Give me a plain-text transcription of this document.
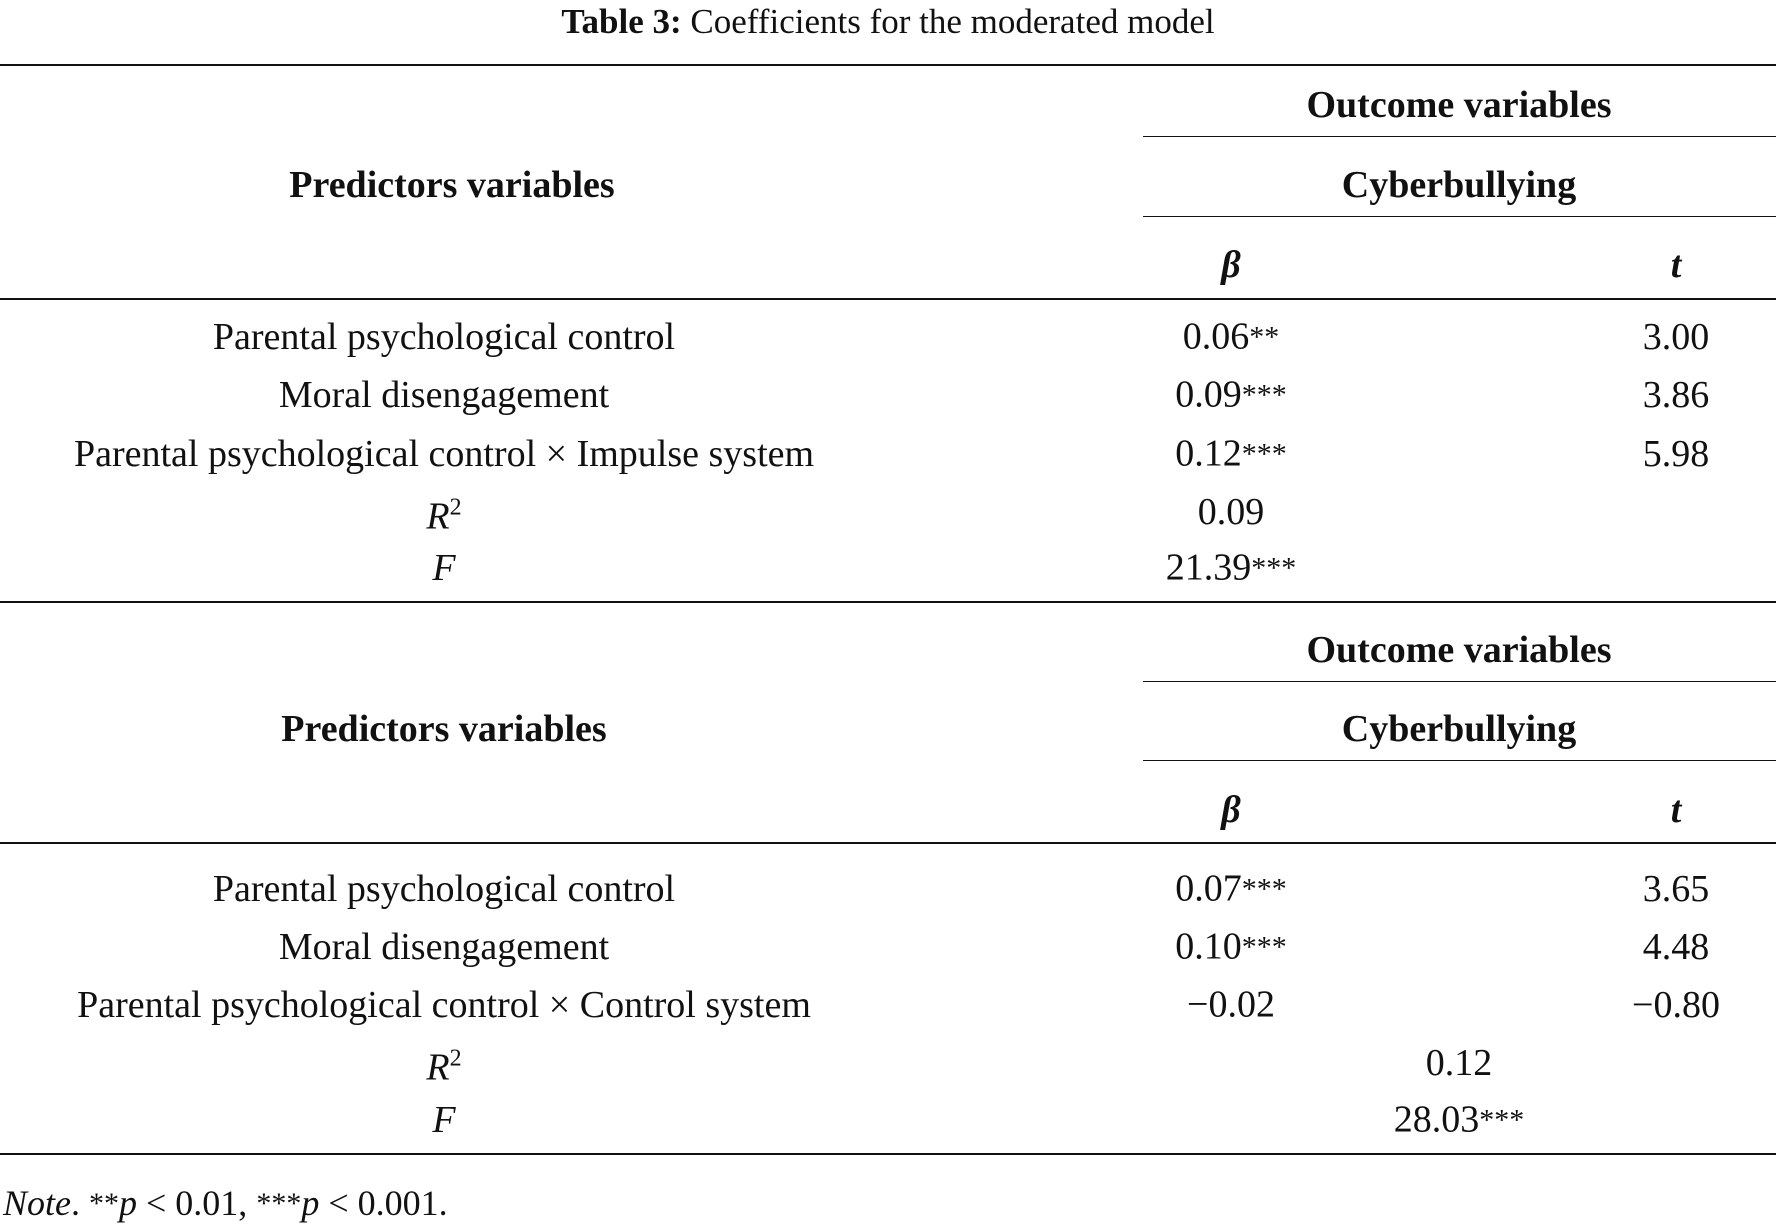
Table 3: Coefficients for the moderated model
Predictors variables
Outcome variables
Cyberbullying
β	t
Parental psychological control	0.06**	3.00
Moral disengagement	0.09***	3.86
Parental psychological control × Impulse system	0.12***	5.98
$R^2$	0.09
F	21.39***
Predictors variables
Outcome variables
Cyberbullying
β	t
Parental psychological control	0.07***	3.65
Moral disengagement	0.10***	4.48
Parental psychological control × Control system	−0.02	−0.80
$R^2$	0.12
F	28.03***
Note. **p < 0.01, ***p < 0.001.
